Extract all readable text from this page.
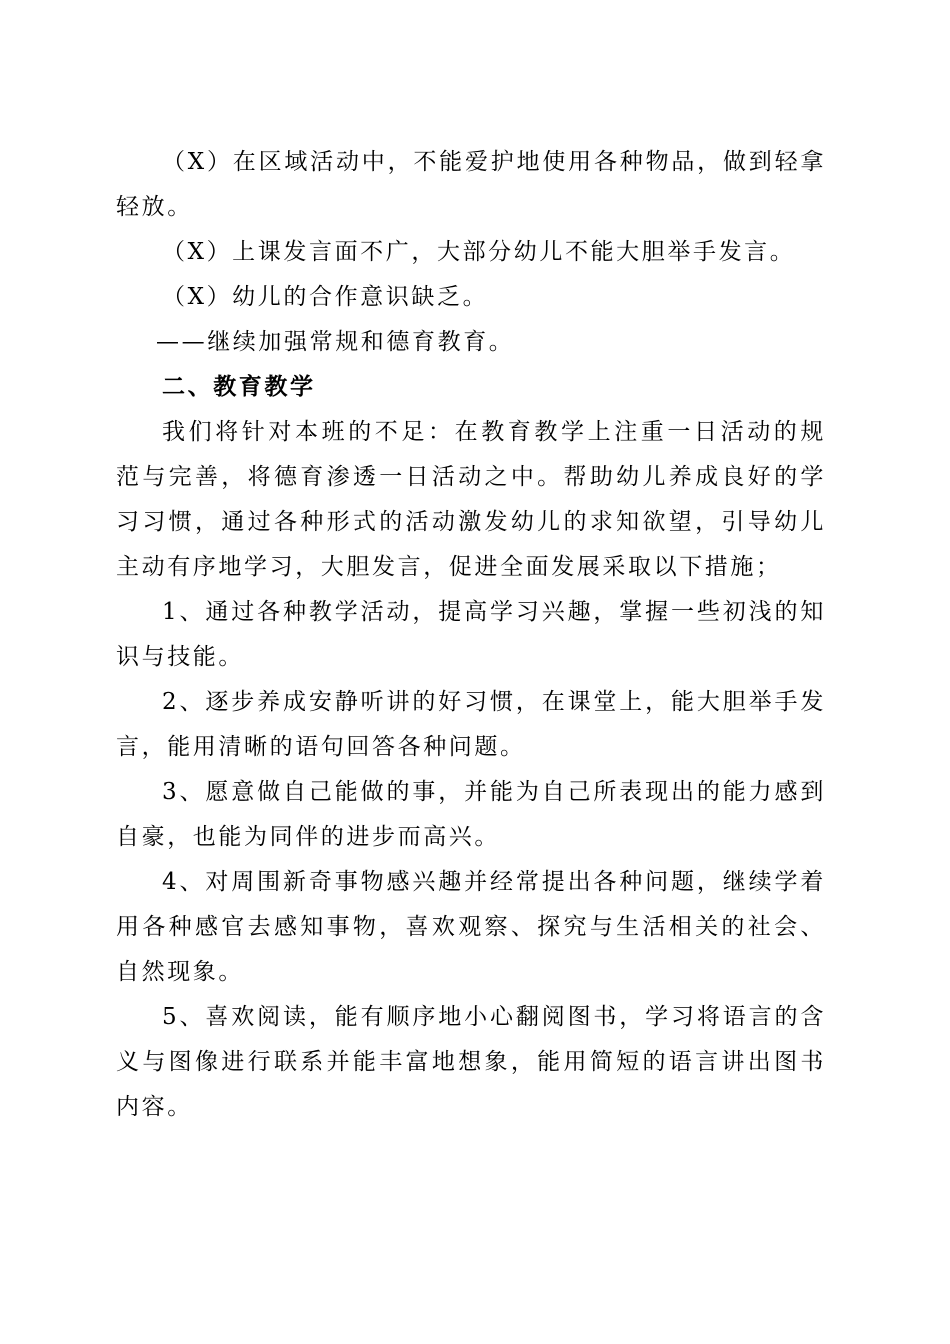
（X）在区域活动中，不能爱护地使用各种物品，做到轻拿轻放。

（X）上课发言面不广，大部分幼儿不能大胆举手发言。

（X）幼儿的合作意识缺乏。

——继续加强常规和德育教育。

二、教育教学

我们将针对本班的不足：在教育教学上注重一日活动的规范与完善，将德育渗透一日活动之中。帮助幼儿养成良好的学习习惯，通过各种形式的活动激发幼儿的求知欲望，引导幼儿主动有序地学习，大胆发言，促进全面发展采取以下措施；

1、通过各种教学活动，提高学习兴趣，掌握一些初浅的知识与技能。

2、逐步养成安静听讲的好习惯，在课堂上，能大胆举手发言，能用清晰的语句回答各种问题。

3、愿意做自己能做的事，并能为自己所表现出的能力感到自豪，也能为同伴的进步而高兴。

4、对周围新奇事物感兴趣并经常提出各种问题，继续学着用各种感官去感知事物，喜欢观察、探究与生活相关的社会、自然现象。

5、喜欢阅读，能有顺序地小心翻阅图书，学习将语言的含义与图像进行联系并能丰富地想象，能用简短的语言讲出图书内容。
